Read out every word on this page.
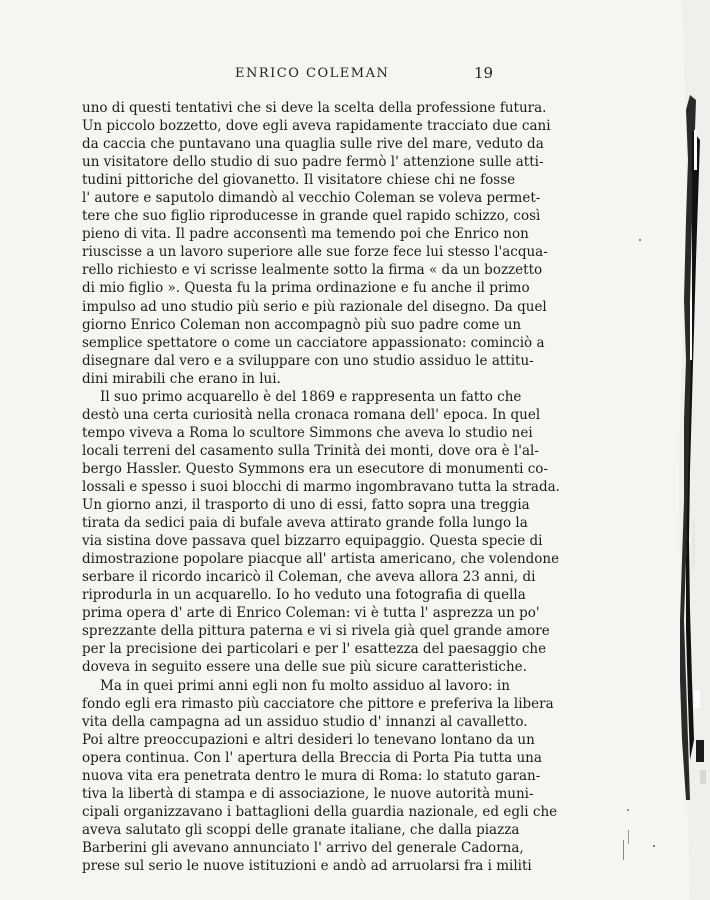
ENRICO COLEMAN	19
uno di questi tentativi che si deve la scelta della professione futura.
Un piccolo bozzetto, dove egli aveva rapidamente tracciato due cani
da caccia che puntavano una quaglia sulle rive del mare, veduto da
un visitatore dello studio di suo padre fermò l' attenzione sulle atti-
tudini pittoriche del giovanetto. Il visitatore chiese chi ne fosse
l' autore e saputolo dimandò al vecchio Coleman se voleva permet-
tere che suo figlio riproducesse in grande quel rapido schizzo, così
pieno di vita. Il padre acconsentì ma temendo poi che Enrico non
riuscisse a un lavoro superiore alle sue forze fece lui stesso l'acqua-
rello richiesto e vi scrisse lealmente sotto la firma « da un bozzetto
di mio figlio ». Questa fu la prima ordinazione e fu anche il primo
impulso ad uno studio più serio e più razionale del disegno. Da quel
giorno Enrico Coleman non accompagnò più suo padre come un
semplice spettatore o come un cacciatore appassionato: cominciò a
disegnare dal vero e a sviluppare con uno studio assiduo le attitu-
dini mirabili che erano in lui.
Il suo primo acquarello è del 1869 e rappresenta un fatto che
destò una certa curiosità nella cronaca romana dell' epoca. In quel
tempo viveva a Roma lo scultore Simmons che aveva lo studio nei
locali terreni del casamento sulla Trinità dei monti, dove ora è l'al-
bergo Hassler. Questo Symmons era un esecutore di monumenti co-
lossali e spesso i suoi blocchi di marmo ingombravano tutta la strada.
Un giorno anzi, il trasporto di uno di essi, fatto sopra una treggia
tirata da sedici paia di bufale aveva attirato grande folla lungo la
via sistina dove passava quel bizzarro equipaggio. Questa specie di
dimostrazione popolare piacque all' artista americano, che volendone
serbare il ricordo incaricò il Coleman, che aveva allora 23 anni, di
riprodurla in un acquarello. Io ho veduto una fotografia di quella
prima opera d' arte di Enrico Coleman: vi è tutta l' asprezza un po'
sprezzante della pittura paterna e vi si rivela già quel grande amore
per la precisione dei particolari e per l' esattezza del paesaggio che
doveva in seguito essere una delle sue più sicure caratteristiche.
Ma in quei primi anni egli non fu molto assiduo al lavoro: in
fondo egli era rimasto più cacciatore che pittore e preferiva la libera
vita della campagna ad un assiduo studio d' innanzi al cavalletto.
Poi altre preoccupazioni e altri desideri lo tenevano lontano da un
opera continua. Con l' apertura della Breccia di Porta Pia tutta una
nuova vita era penetrata dentro le mura di Roma: lo statuto garan-
tiva la libertà di stampa e di associazione, le nuove autorità muni-
cipali organizzavano i battaglioni della guardia nazionale, ed egli che
aveva salutato gli scoppi delle granate italiane, che dalla piazza
Barberini gli avevano annunciato l' arrivo del generale Cadorna,
prese sul serio le nuove istituzioni e andò ad arruolarsi fra i militi
